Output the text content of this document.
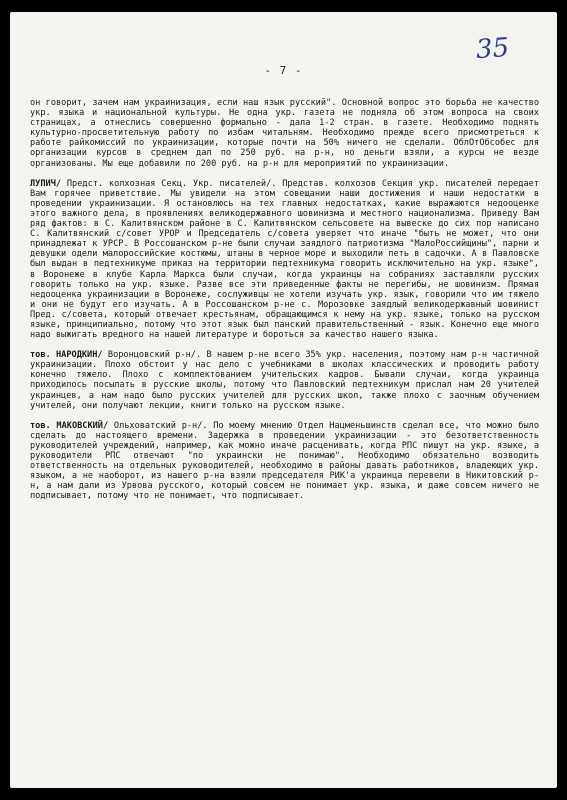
35
- 7 -

он говорит, зачем нам украинизация, если наш язык русский". Основной вопрос это борьба не качество укр. языка и национальной культуры. Не одна укр. газета не подняла об этом вопроса на своих страницах, а отнеслись совершенно формально - дала 1-2 стран. в газете. Необходимо поднять культурно-просветительную работу по избам читальням. Необходимо прежде всего присмотреться к работе райкомиссий по украинизации, которые почти на 50% ничего не сделали. ОблОтОбсобес для организации курсов в среднем дал по 250 руб. на р-н, но деньги взяли, а курсы не везде организованы. Мы еще добавили по 200 руб. на р-н для мероприятий по украинизации.

ЛУПИЧ/ Предст. колхозная Секц. Укр. писателей/. Представ. колхозов Секция укр. писателей передает Вам горячее приветствие. Мы увидели на этом совещании наши достижения и наши недостатки в проведении украинизации. Я остановлюсь на тех главных недостатках, какие выражаются недооценке этого важного дела, в проявлениях великодержавного шовинизма и местного национализма. Приведу Вам ряд фактов: в С. Калитвянском районе в С. Калитвянском сельсовете на вывеске до сих пор написано С. Калитвянский с/совет УРОР и Председатель с/совета уверяет что иначе "быть не может, что они принадлежат к УРСР. В Россошанском р-не были случаи заядлого патриотизма "МалоРоссийщины", парни и девушки одели малороссийские костюмы, штаны в черное море и выходили петь в садочки. А в Павловске был выдан в педтехникуме приказ на территории педтехникума говорить исключительно на укр. языке", в Воронеже в клубе Карла Маркса были случаи, когда украинцы на собраниях заставляли русских говорить только на укр. языке. Разве все эти приведенные факты не перегибы, не шовинизм. Прямая недооценка украинизации в Воронеже, сослуживцы не хотели изучать укр. язык, говорили что им тяжело и они не будут его изучать. А в Россошанском р-не с. Морозовке заядлый великодержавный шовинист Пред. с/совета, который отвечает крестьянам, обращающимся к нему на укр. языке, только на русском языке, принципиально, потому что этот язык был панский правительственный - язык. Конечно еще много надо выжигать вредного на нашей литературе и бороться за качество нашего языка.

тов. НАРОДКИН/ Воронцовский р-н/. В нашем р-не всего 35% укр. населения, поэтому нам р-н частичной украинизации. Плохо обстоит у нас дело с учебниками в школах классических и проводить работу конечно тяжело. Плохо с комплектованием учительских кадров. Бывали случаи, когда украинца приходилось посылать в русские школы, потому что Павловский педтехникум прислал нам 20 учителей украинцев, а нам надо было русских учителей для русских школ, также плохо с заочным обучением учителей, они получают лекции, книги только на русском языке.

тов. МАКОВСКИЙ/ Ольховатский р-н/. По моему мнению Отдел Нацменьшинств сделал все, что можно было сделать до настоящего времени. Задержка в проведении украинизации - это безответственность руководителей учреждений, например, как можно иначе расценивать, когда РПС пишут на укр. языке, а руководители РПС отвечают "по украински не понимаю". Необходимо обязательно возводить ответственность на отдельных руководителей, необходимо в районы давать работников, владеющих укр. языком, а не наоборот, из нашего р-на взяли председателя РИК'а украинца перевели в Никитовский р-н, а нам дали из Урвова русского, который совсем не понимает укр. языка, и даже совсем ничего не подписывает, потому что не понимает, что подписывает.
